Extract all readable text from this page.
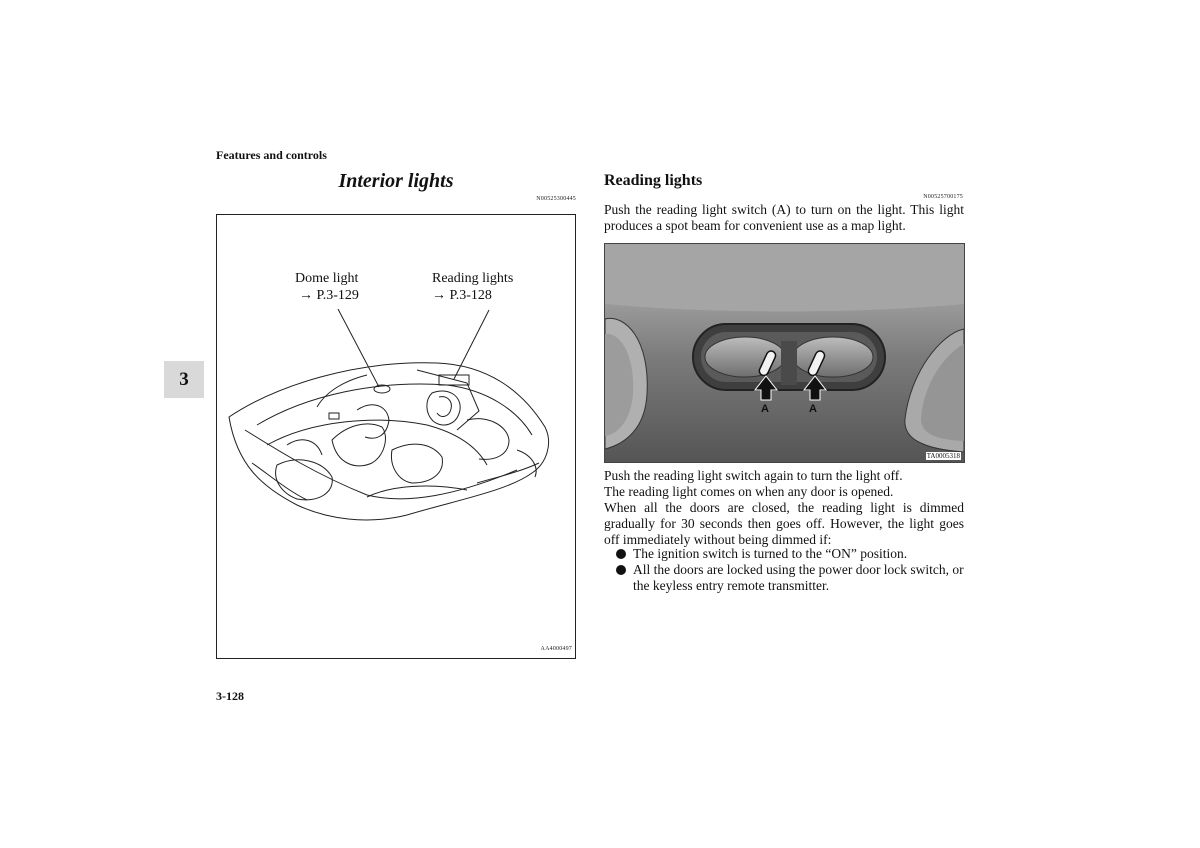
Features and controls
3
Interior lights
N00525300445
Dome light
→ P.3-129
Reading lights
→ P.3-128
AA4000497
Reading lights
N00525700175
Push the reading light switch (A) to turn on the light. This light produces a spot beam for convenient use as a map light.
A	A
TA0005318

Push the reading light switch again to turn the light off.

The reading light comes on when any door is opened.

When all the doors are closed, the reading light is dimmed gradually for 30 seconds then goes off. However, the light goes off immediately without being dimmed if:

The ignition switch is turned to the “ON” position.
All the doors are locked using the power door lock switch, or the keyless entry remote transmitter.
3-128
